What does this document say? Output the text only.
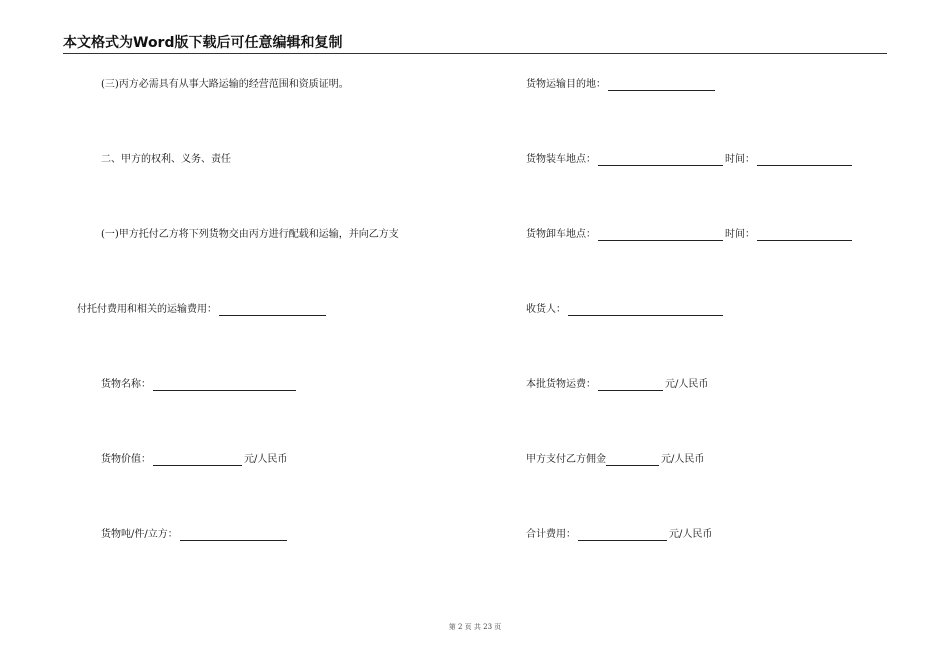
本文格式为Word版下载后可任意编辑和复制
(三)丙方必需具有从事大路运输的经营范围和资质证明。
二、甲方的权利、义务、责任
(一)甲方托付乙方将下列货物交由丙方进行配载和运输，并向乙方支
付托付费用和相关的运输费用：
货物名称：
货物价值：	元/人民币
货物吨/件/立方：
货物运输目的地：
货物装车地点：	时间：
货物卸车地点：	时间：
收货人：
本批货物运费：	元/人民币
甲方支付乙方佣金	元/人民币
合计费用：	元/人民币
第 2 页 共 23 页
